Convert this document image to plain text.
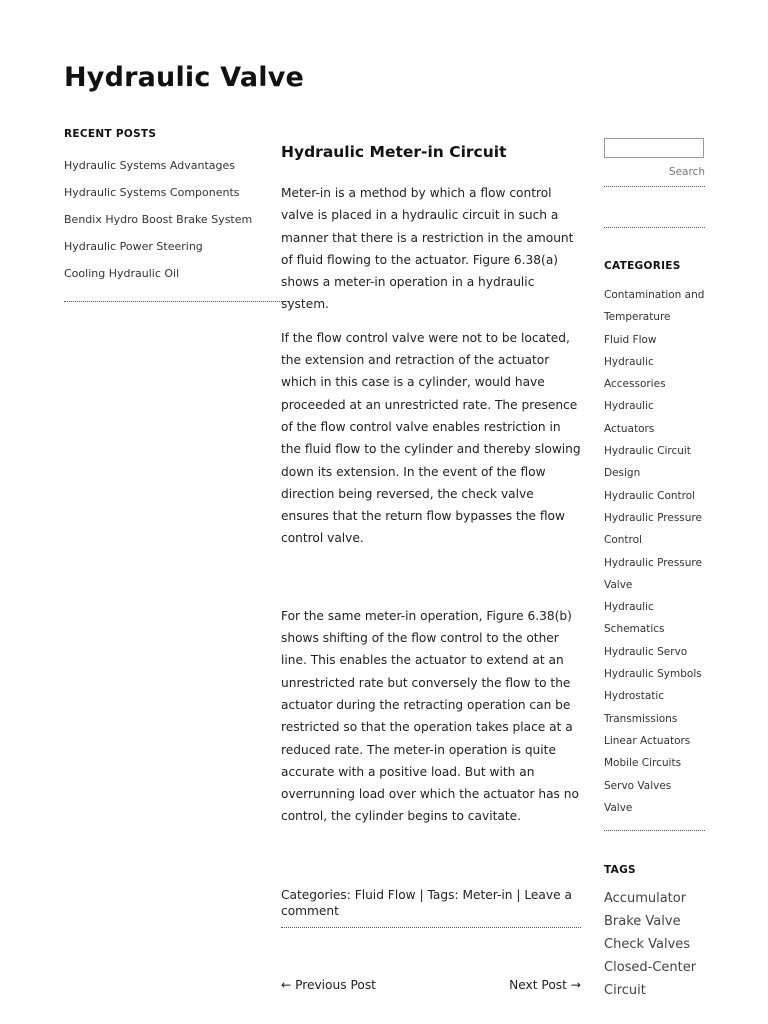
Hydraulic Valve
RECENT POSTS
Hydraulic Systems Advantages
Hydraulic Systems Components
Bendix Hydro Boost Brake System
Hydraulic Power Steering
Cooling Hydraulic Oil
Hydraulic Meter-in Circuit

Meter-in is a method by which a flow control valve is placed in a hydraulic circuit in such a manner that there is a restriction in the amount of fluid flowing to the actuator. Figure 6.38(a) shows a meter-in operation in a hydraulic system.

If the flow control valve were not to be located, the extension and retraction of the actuator which in this case is a cylinder, would have proceeded at an unrestricted rate. The presence of the flow control valve enables restriction in the fluid flow to the cylinder and thereby slowing down its extension. In the event of the flow direction being reversed, the check valve ensures that the return flow bypasses the flow control valve.

For the same meter-in operation, Figure 6.38(b) shows shifting of the flow control to the other line. This enables the actuator to extend at an unrestricted rate but conversely the flow to the actuator during the retracting operation can be restricted so that the operation takes place at a reduced rate. The meter-in operation is quite accurate with a positive load. But with an overrunning load over which the actuator has no control, the cylinder begins to cavitate.

Categories: Fluid Flow | Tags: Meter-in | Leave a comment
← Previous Post	Next Post →
Search
CATEGORIES
Contamination and Temperature
Fluid Flow
Hydraulic Accessories
Hydraulic Actuators
Hydraulic Circuit Design
Hydraulic Control
Hydraulic Pressure Control
Hydraulic Pressure Valve
Hydraulic Schematics
Hydraulic Servo
Hydraulic Symbols
Hydrostatic Transmissions
Linear Actuators
Mobile Circuits
Servo Valves
Valve
TAGS
Accumulator
Brake Valve
Check Valves
Closed-Center Circuit
